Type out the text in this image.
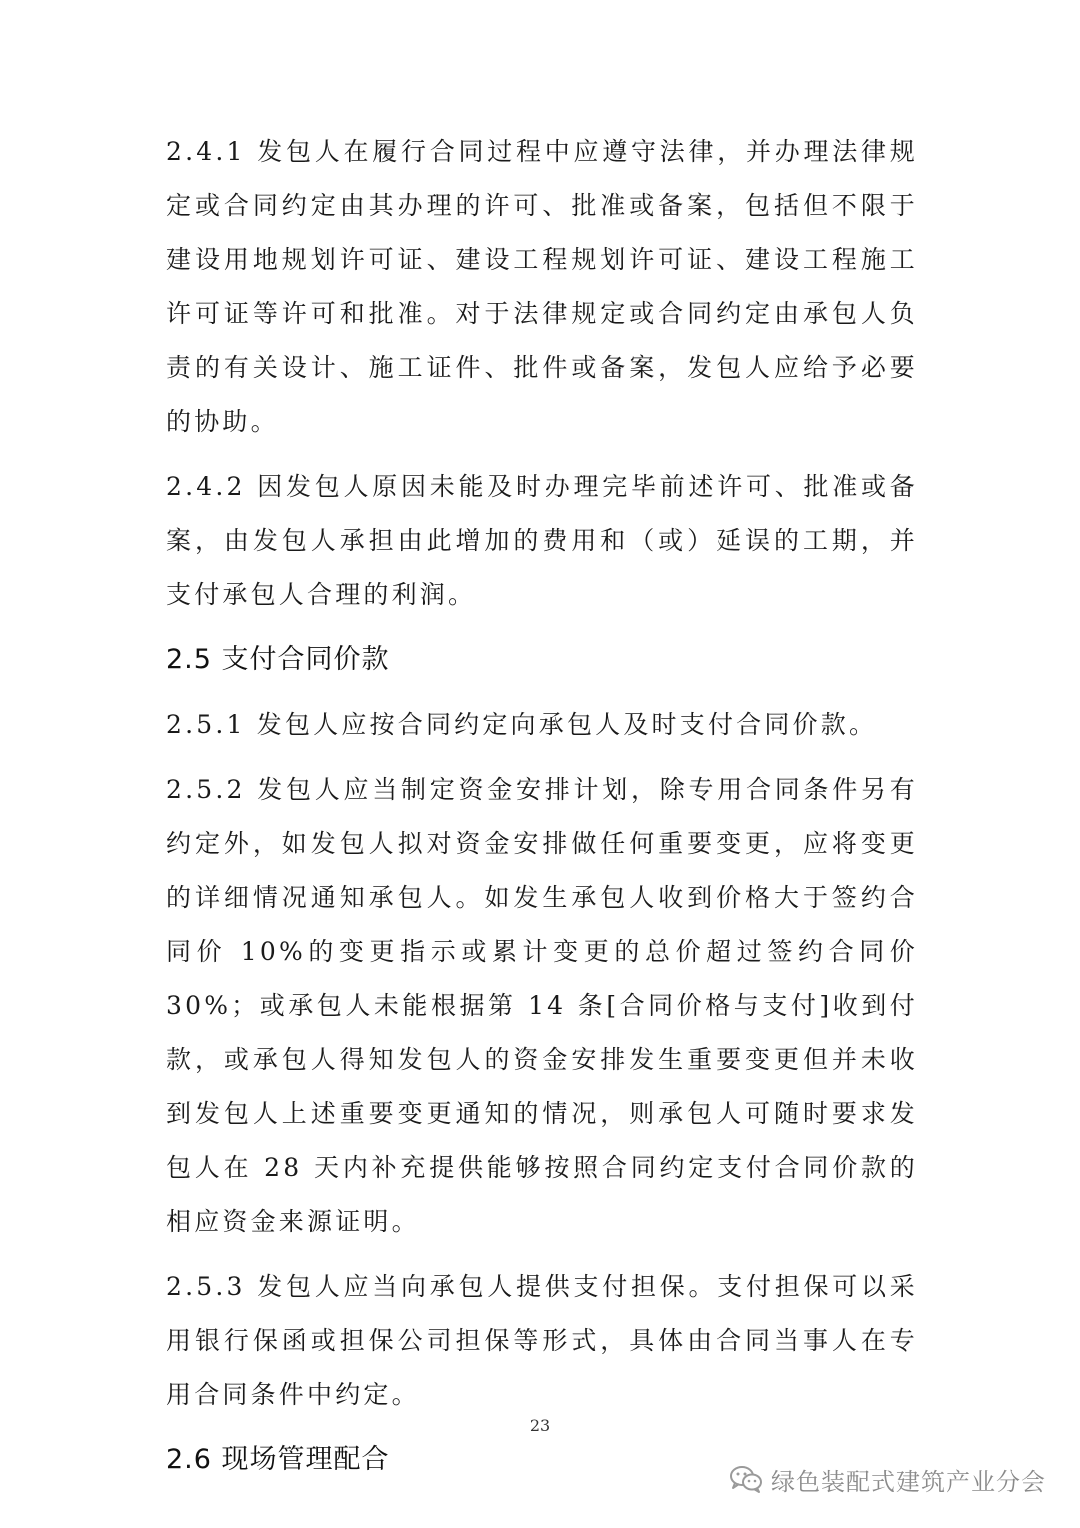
2.4.1 发包人在履行合同过程中应遵守法律，并办理法律规定或合同约定由其办理的许可、批准或备案，包括但不限于建设用地规划许可证、建设工程规划许可证、建设工程施工许可证等许可和批准。对于法律规定或合同约定由承包人负责的有关设计、施工证件、批件或备案，发包人应给予必要的协助。
2.4.2 因发包人原因未能及时办理完毕前述许可、批准或备案，由发包人承担由此增加的费用和（或）延误的工期，并支付承包人合理的利润。
2.5 支付合同价款
2.5.1 发包人应按合同约定向承包人及时支付合同价款。
2.5.2 发包人应当制定资金安排计划，除专用合同条件另有约定外，如发包人拟对资金安排做任何重要变更，应将变更的详细情况通知承包人。如发生承包人收到价格大于签约合同价 10%的变更指示或累计变更的总价超过签约合同价 30%；或承包人未能根据第 14 条[合同价格与支付]收到付款，或承包人得知发包人的资金安排发生重要变更但并未收到发包人上述重要变更通知的情况，则承包人可随时要求发包人在 28 天内补充提供能够按照合同约定支付合同价款的相应资金来源证明。
2.5.3 发包人应当向承包人提供支付担保。支付担保可以采用银行保函或担保公司担保等形式，具体由合同当事人在专用合同条件中约定。
2.6 现场管理配合
23
绿色装配式建筑产业分会
